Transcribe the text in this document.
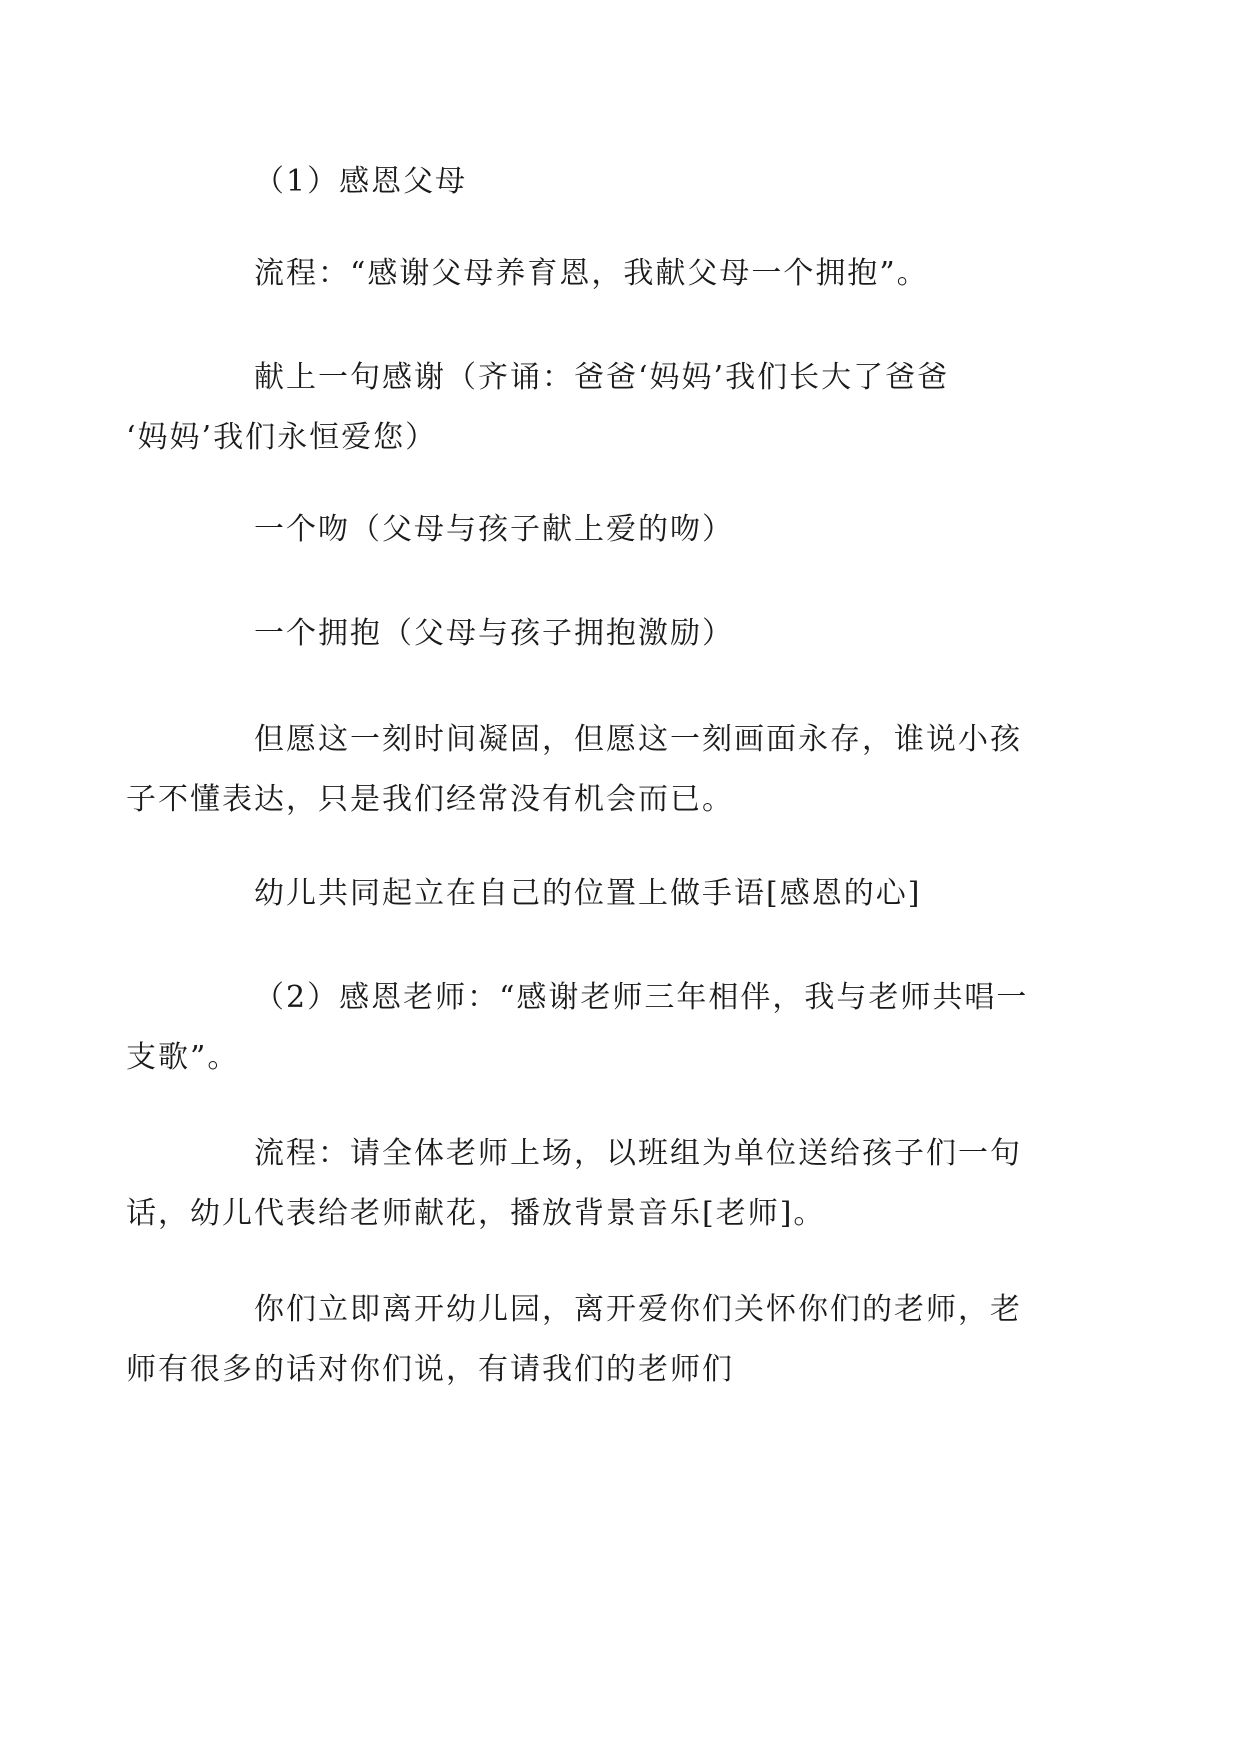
（1）感恩父母

流程：“感谢父母养育恩，我献父母一个拥抱”。

献上一句感谢（齐诵：爸爸‘妈妈’我们长大了爸爸
‘妈妈’我们永恒爱您）

一个吻（父母与孩子献上爱的吻）

一个拥抱（父母与孩子拥抱激励）

但愿这一刻时间凝固，但愿这一刻画面永存，谁说小孩
子不懂表达，只是我们经常没有机会而已。

幼儿共同起立在自己的位置上做手语[感恩的心]

（2）感恩老师：“感谢老师三年相伴，我与老师共唱一
支歌”。

流程：请全体老师上场，以班组为单位送给孩子们一句
话，幼儿代表给老师献花，播放背景音乐[老师]。

你们立即离开幼儿园，离开爱你们关怀你们的老师，老
师有很多的话对你们说，有请我们的老师们
